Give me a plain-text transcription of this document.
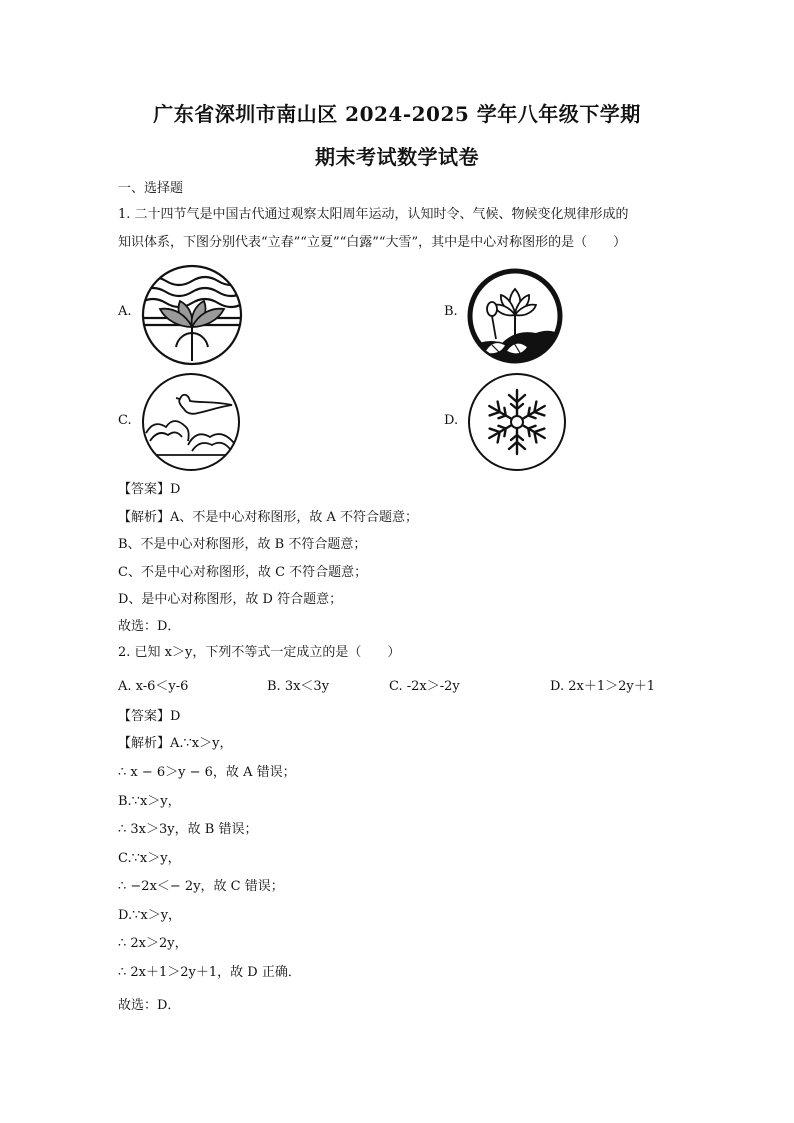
广东省深圳市南山区 2024-2025 学年八年级下学期
期末考试数学试卷
一、选择题
1. 二十四节气是中国古代通过观察太阳周年运动，认知时令、气候、物候变化规律形成的
知识体系，下图分别代表“立春”“立夏”“白露”“大雪”，其中是中心对称图形的是（　　）
A.	B.
C.	D.
【答案】D
【解析】A、不是中心对称图形，故 A 不符合题意；
B、不是中心对称图形，故 B 不符合题意；
C、不是中心对称图形，故 C 不符合题意；
D、是中心对称图形，故 D 符合题意；
故选：D．
2. 已知 x＞y，下列不等式一定成立的是（　　）
A. x-6＜y-6	B. 3x＜3y	C. -2x＞-2y	D. 2x＋1＞2y＋1
【答案】D
【解析】A.∵x＞y，
∴ x − 6＞y − 6，故 A 错误；
B.∵x＞y，
∴ 3x＞3y，故 B 错误；
C.∵x＞y，
∴ −2x＜− 2y，故 C 错误；
D.∵x＞y，
∴ 2x＞2y，
∴ 2x＋1＞2y＋1，故 D 正确．
故选：D．
